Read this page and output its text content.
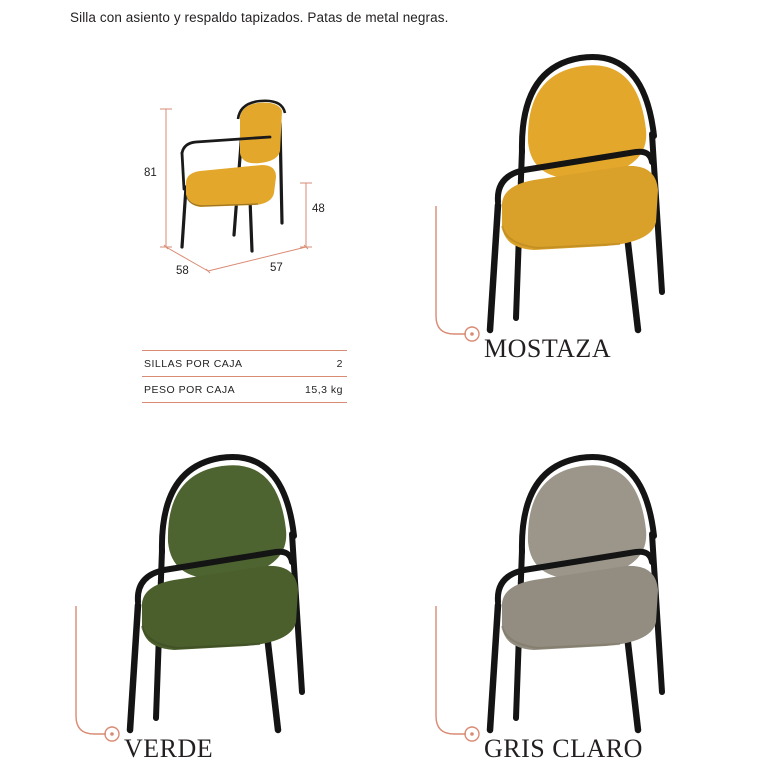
Silla con asiento y respaldo tapizados. Patas de metal negras.
81
48
58	57
SILLAS POR CAJA	2
PESO POR CAJA	15,3 kg
MOSTAZA
VERDE	GRIS CLARO
